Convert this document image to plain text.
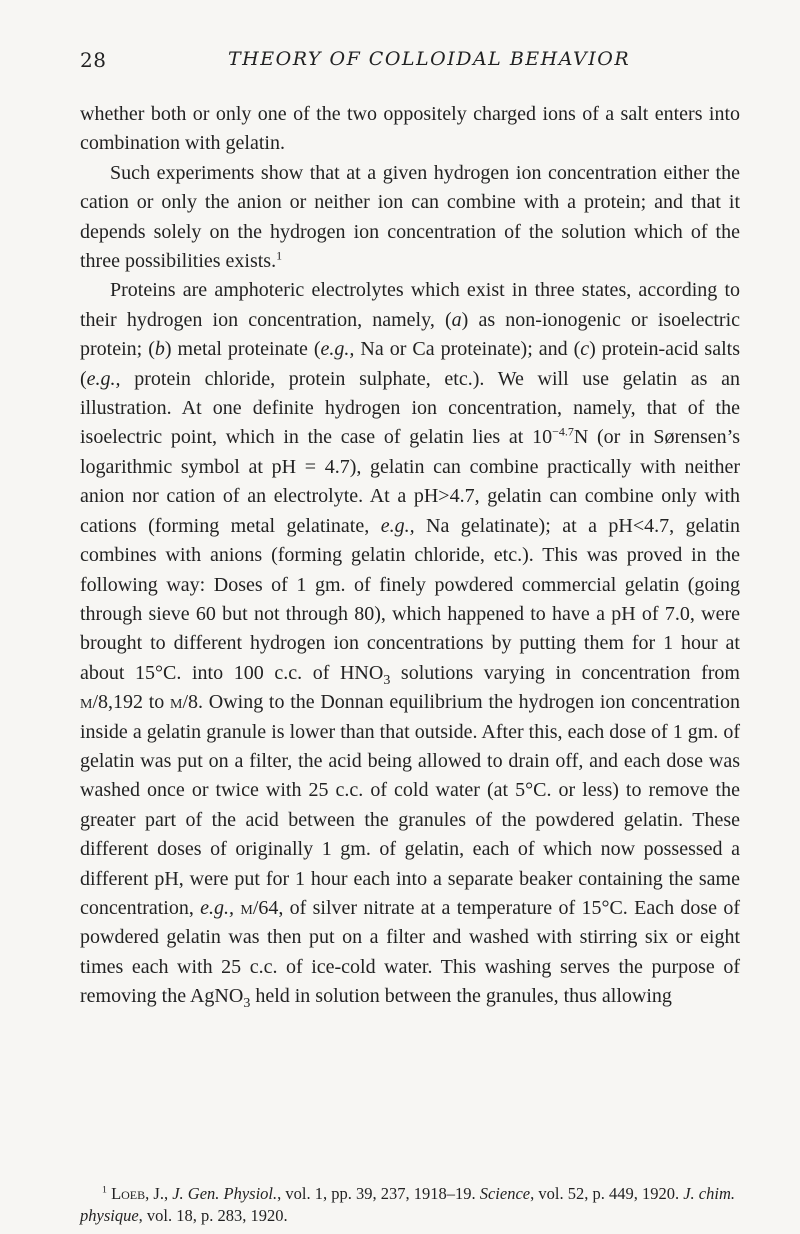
28	THEORY OF COLLOIDAL BEHAVIOR

whether both or only one of the two oppositely charged ions of a salt enters into combination with gelatin.

Such experiments show that at a given hydrogen ion concentration either the cation or only the anion or neither ion can combine with a protein; and that it depends solely on the hydrogen ion concentration of the solution which of the three possibilities exists.$^1$

Proteins are amphoteric electrolytes which exist in three states, according to their hydrogen ion concentration, namely, (a) as non-ionogenic or isoelectric protein; (b) metal proteinate (e.g., Na or Ca proteinate); and (c) protein-acid salts (e.g., protein chloride, protein sulphate, etc.). We will use gelatin as an illustration. At one definite hydrogen ion concentration, namely, that of the isoelectric point, which in the case of gelatin lies at $10^{-4.7}N$ (or in Sørensen’s logarithmic symbol at pH = 4.7), gelatin can combine practically with neither anion nor cation of an electrolyte. At a pH>4.7, gelatin can combine only with cations (forming metal gelatinate, e.g., Na gelatinate); at a pH<4.7, gelatin combines with anions (forming gelatin chloride, etc.). This was proved in the following way: Doses of 1 gm. of finely powdered commercial gelatin (going through sieve 60 but not through 80), which happened to have a pH of 7.0, were brought to different hydrogen ion concentrations by putting them for 1 hour at about 15°C. into 100 c.c. of $HNO_3$ solutions varying in concentration from m/8,192 to m/8. Owing to the Donnan equilibrium the hydrogen ion concentration inside a gelatin granule is lower than that outside. After this, each dose of 1 gm. of gelatin was put on a filter, the acid being allowed to drain off, and each dose was washed once or twice with 25 c.c. of cold water (at 5°C. or less) to remove the greater part of the acid between the granules of the powdered gelatin. These different doses of originally 1 gm. of gelatin, each of which now possessed a different pH, were put for 1 hour each into a separate beaker containing the same concentration, e.g., m/64, of silver nitrate at a temperature of 15°C. Each dose of powdered gelatin was then put on a filter and washed with stirring six or eight times each with 25 c.c. of ice-cold water. This washing serves the purpose of removing the AgNO$_3$ held in solution between the granules, thus allowing

$^1$ Loeb, J., J. Gen. Physiol., vol. 1, pp. 39, 237, 1918–19. Science, vol. 52, p. 449, 1920. J. chim. physique, vol. 18, p. 283, 1920.
